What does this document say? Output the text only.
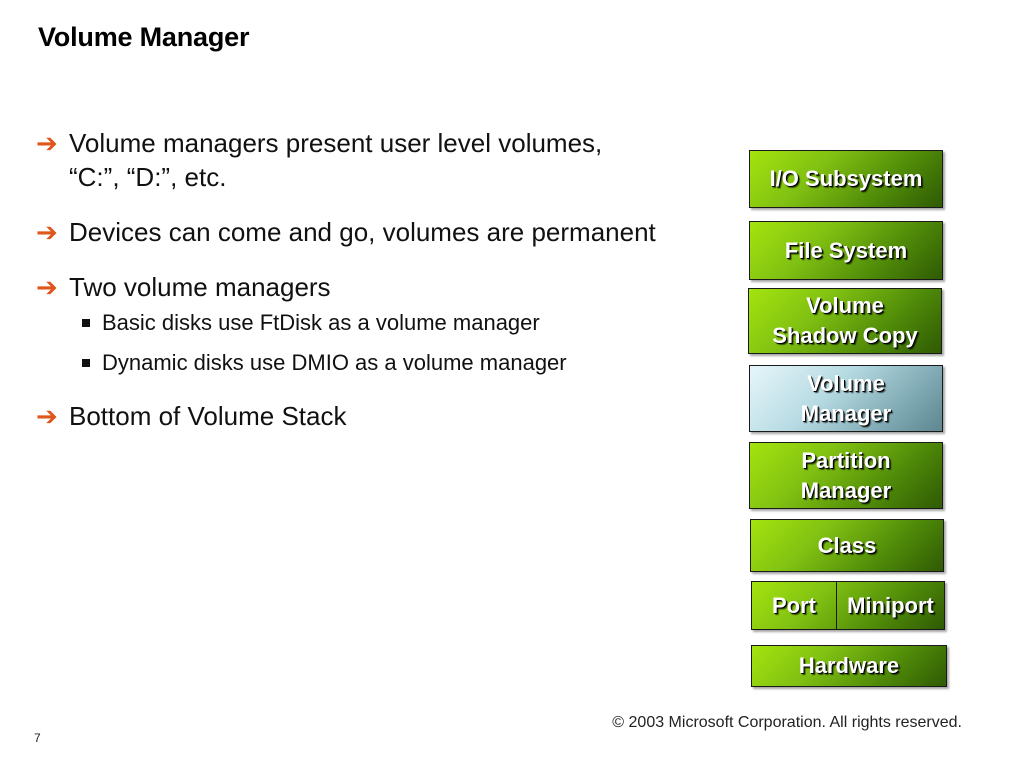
Volume Manager
➔ Volume managers present user level volumes,
“C:”, “D:”, etc.
➔ Devices can come and go, volumes are permanent
➔ Two volume managers
Basic disks use FtDisk as a volume manager
Dynamic disks use DMIO as a volume manager
➔ Bottom of Volume Stack
I/O Subsystem
File System
Volume
Shadow Copy
Volume
Manager
Partition
Manager
Class
Port Miniport
Hardware
© 2003 Microsoft Corporation. All rights reserved.
7
